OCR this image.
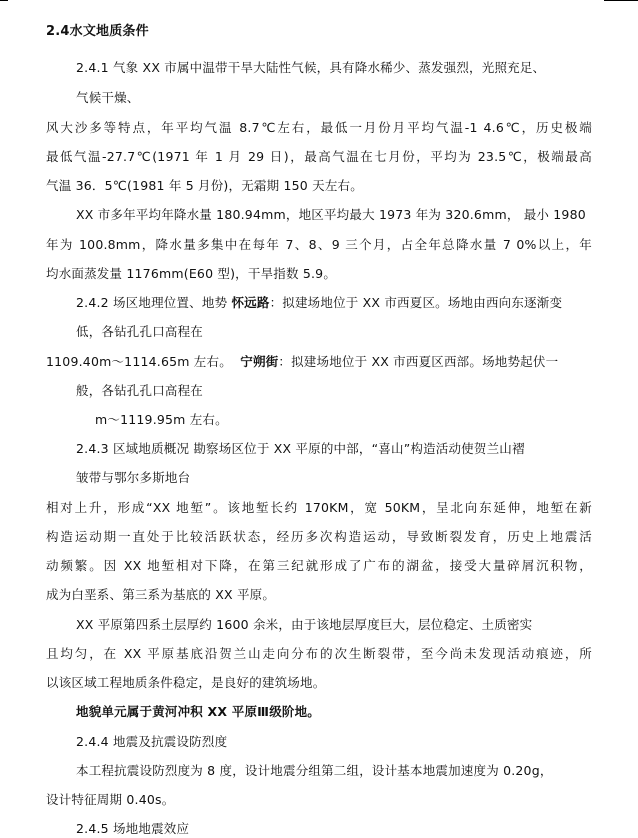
2.4水文地质条件
2.4.1 气象 XX 市属中温带干旱大陆性气候，具有降水稀少、蒸发强烈，光照充足、
气候干燥、
风大沙多等特点，年平均气温 8.7℃左右，最低一月份月平均气温-1 4.6℃，历史极端
最低气温-27.7℃(1971 年 1 月 29 日)，最高气温在七月份，平均为 23.5℃，极端最高
气温 36．5℃(1981 年 5 月份)，无霜期 150 天左右。
XX 市多年平均年降水量 180.94mm，地区平均最大 1973 年为 320.6mm， 最小 1980
年为 100.8mm，降水量多集中在每年 7、8、9 三个月，占全年总降水量 7 0%以上，年
均水面蒸发量 1176mm(E60 型)，干旱指数 5.9。
2.4.2 场区地理位置、地势 怀远路：拟建场地位于 XX 市西夏区。场地由西向东逐渐变
低，各钻孔孔口高程在
1109.40m～1114.65m 左右。 宁朔街：拟建场地位于 XX 市西夏区西部。场地势起伏一
般，各钻孔孔口高程在
m～1119.95m 左右。
2.4.3 区域地质概况 勘察场区位于 XX 平原的中部，“喜山”构造活动使贺兰山褶
皱带与鄂尔多斯地台
相对上升，形成“XX 地堑”。该地堑长约 170KM，宽 50KM，呈北向东延伸，地堑在新
构造运动期一直处于比较活跃状态，经历多次构造运动，导致断裂发育，历史上地震活
动频繁。因 XX 地堑相对下降，在第三纪就形成了广布的湖盆，接受大量碎屑沉积物，
成为白垩系、第三系为基底的 XX 平原。
XX 平原第四系土层厚约 1600 余米，由于该地层厚度巨大，层位稳定、土质密实
且均匀，在 XX 平原基底沿贺兰山走向分布的次生断裂带，至今尚未发现活动痕迹，所
以该区域工程地质条件稳定，是良好的建筑场地。
地貌单元属于黄河冲积 XX 平原Ⅲ级阶地。
2.4.4 地震及抗震设防烈度
本工程抗震设防烈度为 8 度，设计地震分组第二组，设计基本地震加速度为 0.20g，
设计特征周期 0.40s。
2.4.5 场地地震效应
